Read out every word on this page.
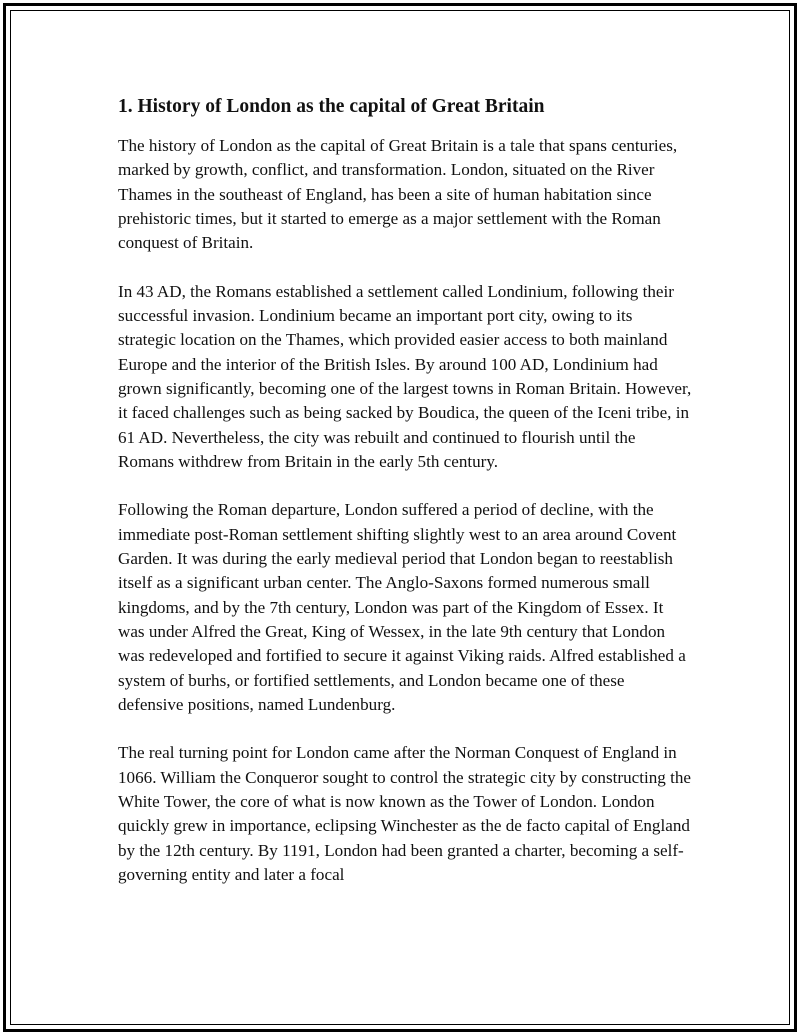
1. History of London as the capital of Great Britain

The history of London as the capital of Great Britain is a tale that spans centuries, marked by growth, conflict, and transformation. London, situated on the River Thames in the southeast of England, has been a site of human habitation since prehistoric times, but it started to emerge as a major settlement with the Roman conquest of Britain.

In 43 AD, the Romans established a settlement called Londinium, following their successful invasion. Londinium became an important port city, owing to its strategic location on the Thames, which provided easier access to both mainland Europe and the interior of the British Isles. By around 100 AD, Londinium had grown significantly, becoming one of the largest towns in Roman Britain. However, it faced challenges such as being sacked by Boudica, the queen of the Iceni tribe, in 61 AD. Nevertheless, the city was rebuilt and continued to flourish until the Romans withdrew from Britain in the early 5th century.

Following the Roman departure, London suffered a period of decline, with the immediate post-Roman settlement shifting slightly west to an area around Covent Garden. It was during the early medieval period that London began to reestablish itself as a significant urban center. The Anglo-Saxons formed numerous small kingdoms, and by the 7th century, London was part of the Kingdom of Essex. It was under Alfred the Great, King of Wessex, in the late 9th century that London was redeveloped and fortified to secure it against Viking raids. Alfred established a system of burhs, or fortified settlements, and London became one of these defensive positions, named Lundenburg.

The real turning point for London came after the Norman Conquest of England in 1066. William the Conqueror sought to control the strategic city by constructing the White Tower, the core of what is now known as the Tower of London. London quickly grew in importance, eclipsing Winchester as the de facto capital of England by the 12th century. By 1191, London had been granted a charter, becoming a self-governing entity and later a focal
